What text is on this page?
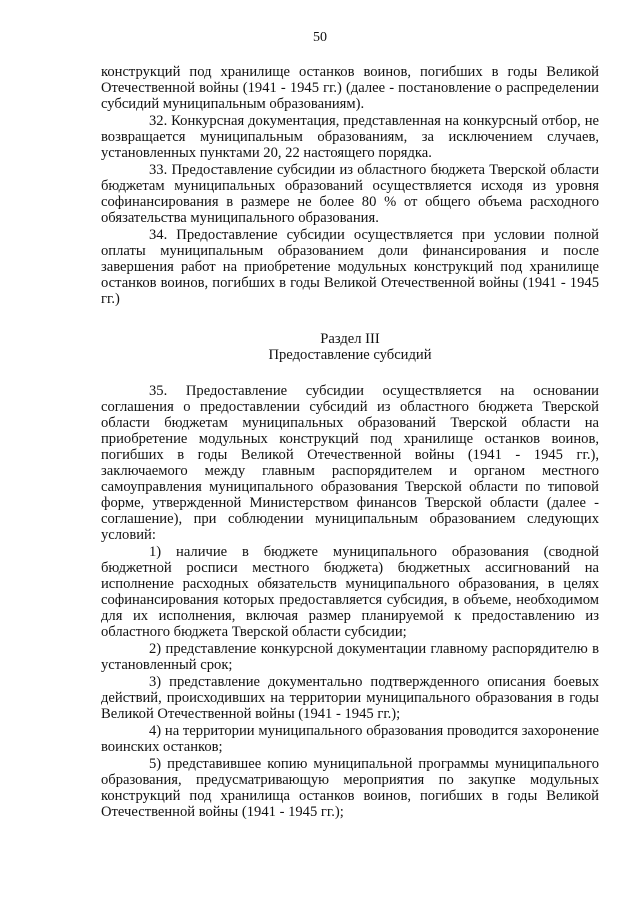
50

конструкций под хранилище останков воинов, погибших в годы Великой Отечественной войны (1941 - 1945 гг.) (далее - постановление о распределении субсидий муниципальным образованиям).

32. Конкурсная документация, представленная на конкурсный отбор, не возвращается муниципальным образованиям, за исключением случаев, установленных пунктами 20, 22 настоящего порядка.

33. Предоставление субсидии из областного бюджета Тверской области бюджетам муниципальных образований осуществляется исходя из уровня софинансирования в размере не более 80 % от общего объема расходного обязательства муниципального образования.

34. Предоставление субсидии осуществляется при условии полной оплаты муниципальным образованием доли финансирования и после завершения работ на приобретение модульных конструкций под хранилище останков воинов, погибших в годы Великой Отечественной войны (1941 - 1945 гг.)

Раздел III
Предоставление субсидий

35. Предоставление субсидии осуществляется на основании соглашения о предоставлении субсидий из областного бюджета Тверской области бюджетам муниципальных образований Тверской области на приобретение модульных конструкций под хранилище останков воинов, погибших в годы Великой Отечественной войны (1941 - 1945 гг.), заключаемого между главным распорядителем и органом местного самоуправления муниципального образования Тверской области по типовой форме, утвержденной Министерством финансов Тверской области (далее - соглашение), при соблюдении муниципальным образованием следующих условий:

1) наличие в бюджете муниципального образования (сводной бюджетной росписи местного бюджета) бюджетных ассигнований на исполнение расходных обязательств муниципального образования, в целях софинансирования которых предоставляется субсидия, в объеме, необходимом для их исполнения, включая размер планируемой к предоставлению из областного бюджета Тверской области субсидии;

2) представление конкурсной документации главному распорядителю в установленный срок;

3) представление документально подтвержденного описания боевых действий, происходивших на территории муниципального образования в годы Великой Отечественной войны (1941 - 1945 гг.);

4) на территории муниципального образования проводится захоронение воинских останков;

5) представившее копию муниципальной программы муниципального образования, предусматривающую мероприятия по закупке модульных конструкций под хранилища останков воинов, погибших в годы Великой Отечественной войны (1941 - 1945 гг.);
